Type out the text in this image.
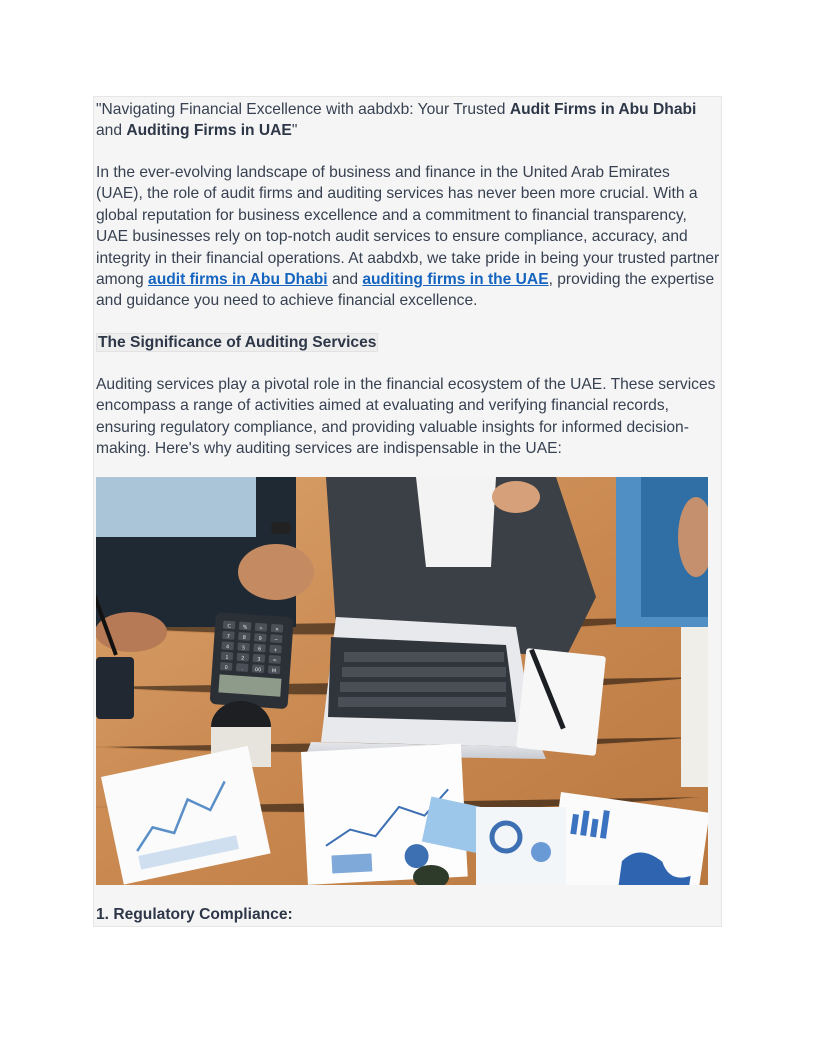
"Navigating Financial Excellence with aabdxb: Your Trusted Audit Firms in Abu Dhabi and Auditing Firms in UAE"

In the ever-evolving landscape of business and finance in the United Arab Emirates (UAE), the role of audit firms and auditing services has never been more crucial. With a global reputation for business excellence and a commitment to financial transparency, UAE businesses rely on top-notch audit services to ensure compliance, accuracy, and integrity in their financial operations. At aabdxb, we take pride in being your trusted partner among audit firms in Abu Dhabi and auditing firms in the UAE, providing the expertise and guidance you need to achieve financial excellence.

The Significance of Auditing Services

Auditing services play a pivotal role in the financial ecosystem of the UAE. These services encompass a range of activities aimed at evaluating and verifying financial records, ensuring regulatory compliance, and providing valuable insights for informed decision-making. Here's why auditing services are indispensable in the UAE:

C % ÷ ×
7 8 9 −
4 5 6 +
1 2 3 =
0	. 00 M
1. Regulatory Compliance:
